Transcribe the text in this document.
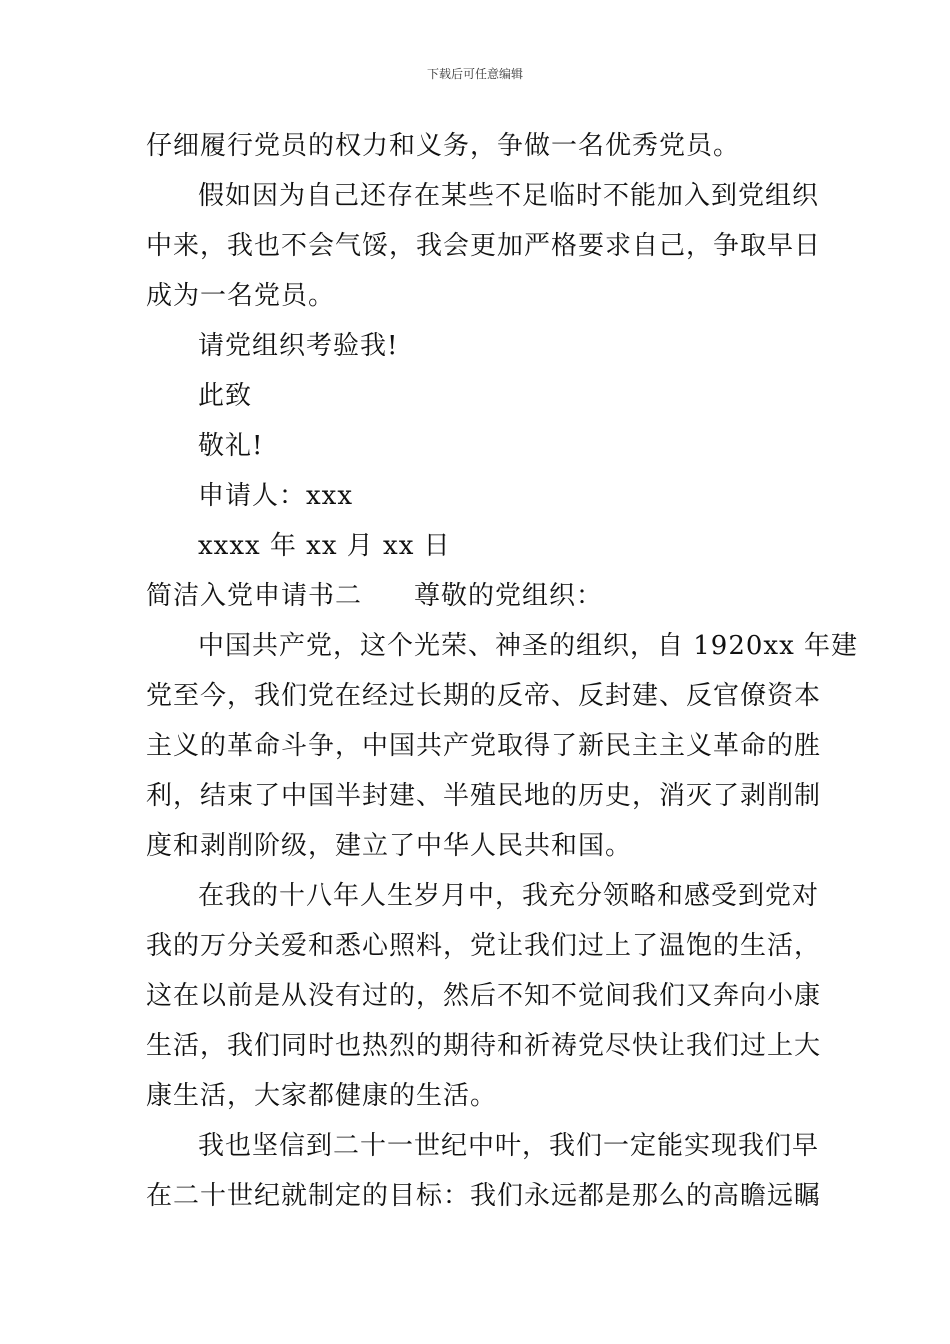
下载后可任意编辑
仔细履行党员的权力和义务，争做一名优秀党员。
假如因为自己还存在某些不足临时不能加入到党组织
中来，我也不会气馁，我会更加严格要求自己，争取早日
成为一名党员。
请党组织考验我!
此致
敬礼!
申请人：xxx
xxxx 年 xx 月 xx 日
简洁入党申请书二 尊敬的党组织：
中国共产党，这个光荣、神圣的组织，自 1920xx 年建
党至今，我们党在经过长期的反帝、反封建、反官僚资本
主义的革命斗争，中国共产党取得了新民主主义革命的胜
利，结束了中国半封建、半殖民地的历史，消灭了剥削制
度和剥削阶级，建立了中华人民共和国。
在我的十八年人生岁月中，我充分领略和感受到党对
我的万分关爱和悉心照料，党让我们过上了温饱的生活，
这在以前是从没有过的，然后不知不觉间我们又奔向小康
生活，我们同时也热烈的期待和祈祷党尽快让我们过上大
康生活，大家都健康的生活。
我也坚信到二十一世纪中叶，我们一定能实现我们早
在二十世纪就制定的目标：我们永远都是那么的高瞻远瞩
